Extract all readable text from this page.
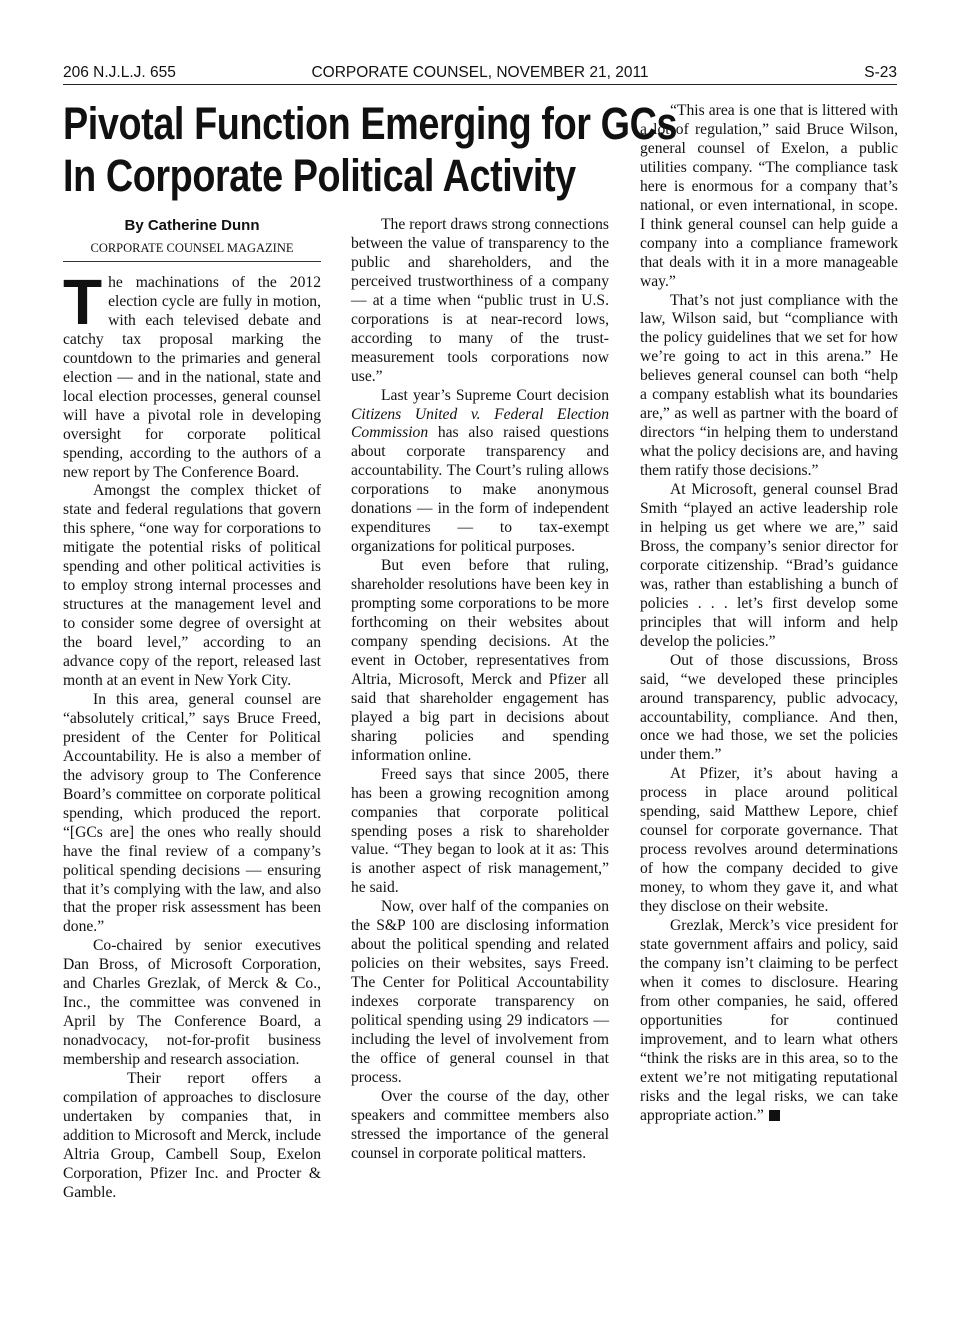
206 N.J.L.J. 655	CORPORATE COUNSEL, NOVEMBER 21, 2011	S-23
Pivotal Function Emerging for GCs
In Corporate Political Activity
By Catherine Dunn
CORPORATE COUNSEL MAGAZINE

The machinations of the 2012 election cycle are fully in motion, with each televised debate and catchy tax proposal marking the countdown to the primaries and general election — and in the national, state and local election processes, general counsel will have a pivotal role in developing oversight for corporate political spending, according to the authors of a new report by The Conference Board.

Amongst the complex thicket of state and federal regulations that govern this sphere, “one way for corporations to mitigate the potential risks of political spending and other political activities is to employ strong internal processes and structures at the management level and to consider some degree of oversight at the board level,” according to an advance copy of the report, released last month at an event in New York City.

In this area, general counsel are “absolutely critical,” says Bruce Freed, president of the Center for Political Accountability. He is also a member of the advisory group to The Conference Board’s committee on corporate political spending, which produced the report. “[GCs are] the ones who really should have the final review of a company’s political spending decisions — ensuring that it’s complying with the law, and also that the proper risk assessment has been done.”

Co-chaired by senior executives Dan Bross, of Microsoft Corporation, and Charles Grezlak, of Merck & Co., Inc., the committee was convened in April by The Conference Board, a nonadvocacy, not-for-profit business membership and research association.

Their report offers a compilation of approaches to disclosure undertaken by companies that, in addition to Microsoft and Merck, include Altria Group, Cambell Soup, Exelon Corporation, Pfizer Inc. and Procter & Gamble.

The report draws strong connections between the value of transparency to the public and shareholders, and the perceived trustworthiness of a company — at a time when “public trust in U.S. corporations is at near-record lows, according to many of the trust-measurement tools corporations now use.”

Last year’s Supreme Court decision Citizens United v. Federal Election Commission has also raised questions about corporate transparency and accountability. The Court’s ruling allows corporations to make anonymous donations — in the form of independent expenditures — to tax-exempt organizations for political purposes.

But even before that ruling, shareholder resolutions have been key in prompting some corporations to be more forthcoming on their websites about company spending decisions. At the event in October, representatives from Altria, Microsoft, Merck and Pfizer all said that shareholder engagement has played a big part in decisions about sharing policies and spending information online.

Freed says that since 2005, there has been a growing recognition among companies that corporate political spending poses a risk to shareholder value. “They began to look at it as: This is another aspect of risk management,” he said.

Now, over half of the companies on the S&P 100 are disclosing information about the political spending and related policies on their websites, says Freed. The Center for Political Accountability indexes corporate transparency on political spending using 29 indicators — including the level of involvement from the office of general counsel in that process.

Over the course of the day, other speakers and committee members also stressed the importance of the general counsel in corporate political matters.

“This area is one that is littered with a lot of regulation,” said Bruce Wilson, general counsel of Exelon, a public utilities company. “The compliance task here is enormous for a company that’s national, or even international, in scope. I think general counsel can help guide a company into a compliance framework that deals with it in a more manageable way.”

That’s not just compliance with the law, Wilson said, but “compliance with the policy guidelines that we set for how we’re going to act in this arena.” He believes general counsel can both “help a company establish what its boundaries are,” as well as partner with the board of directors “in helping them to understand what the policy decisions are, and having them ratify those decisions.”

At Microsoft, general counsel Brad Smith “played an active leadership role in helping us get where we are,” said Bross, the company’s senior director for corporate citizenship. “Brad’s guidance was, rather than establishing a bunch of policies . . . let’s first develop some principles that will inform and help develop the policies.”

Out of those discussions, Bross said, “we developed these principles around transparency, public advocacy, accountability, compliance. And then, once we had those, we set the policies under them.”

At Pfizer, it’s about having a process in place around political spending, said Matthew Lepore, chief counsel for corporate governance. That process revolves around determinations of how the company decided to give money, to whom they gave it, and what they disclose on their website.

Grezlak, Merck’s vice president for state government affairs and policy, said the company isn’t claiming to be perfect when it comes to disclosure. Hearing from other companies, he said, offered opportunities for continued improvement, and to learn what others “think the risks are in this area, so to the extent we’re not mitigating reputational risks and the legal risks, we can take appropriate action.”
